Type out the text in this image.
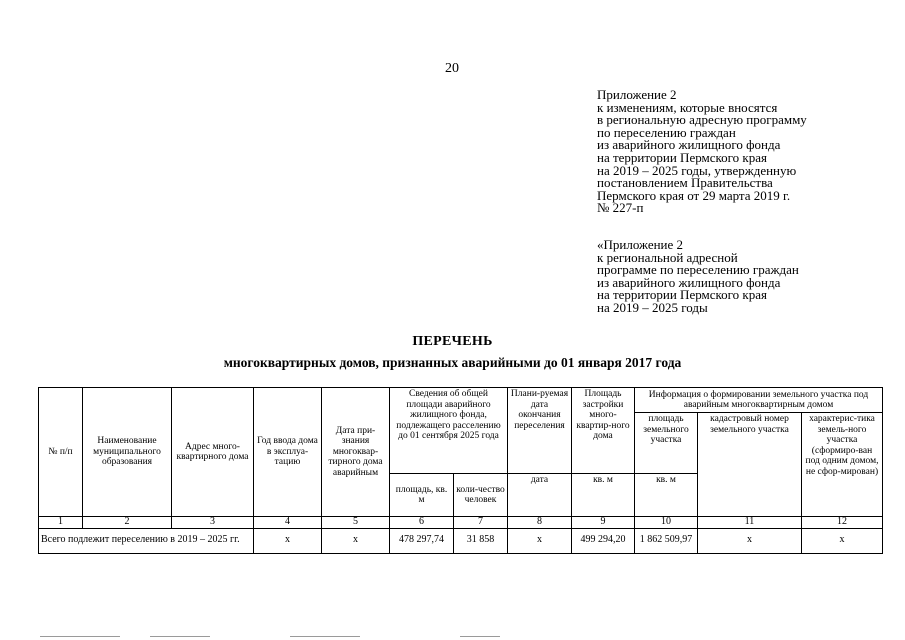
20
Приложение 2
к изменениям, которые вносятся
в региональную адресную программу
по переселению граждан
из аварийного жилищного фонда
на территории Пермского края
на 2019 – 2025 годы, утвержденную
постановлением Правительства
Пермского края от 29 марта 2019 г.
№ 227-п
«Приложение 2
к региональной адресной
программе по переселению граждан
из аварийного жилищного фонда
на территории Пермского края
на 2019 – 2025 годы
ПЕРЕЧЕНЬ
многоквартирных домов, признанных аварийными до 01 января 2017 года
№ п/п	Наименование муниципального образования	Адрес много-квартирного дома	Год ввода дома в эксплуа-тацию	Дата при-знания многоквар-тирного дома аварийным	Сведения об общей площади аварийного жилищного фонда, подлежащего расселению до 01 сентября 2025 года		Плани-руемая дата окончания переселения	Площадь застройки много-квартир-ного дома	Информация о формировании земельного участка под аварийным многоквартирным домом		
									площадь земельного участка	кадастровый номер земельного участка	характерис-тика земель-ного участка (сформиро-ван под одним домом, не сфор-мирован)
					площадь, кв. м	коли-чество человек	дата	кв. м	кв. м		
1	2	3	4	5	6	7	8	9	10	11	12
Всего подлежит переселению в 2019 – 2025 гг.			x	x	478 297,74	31 858	x	499 294,20	1 862 509,97	x	x
